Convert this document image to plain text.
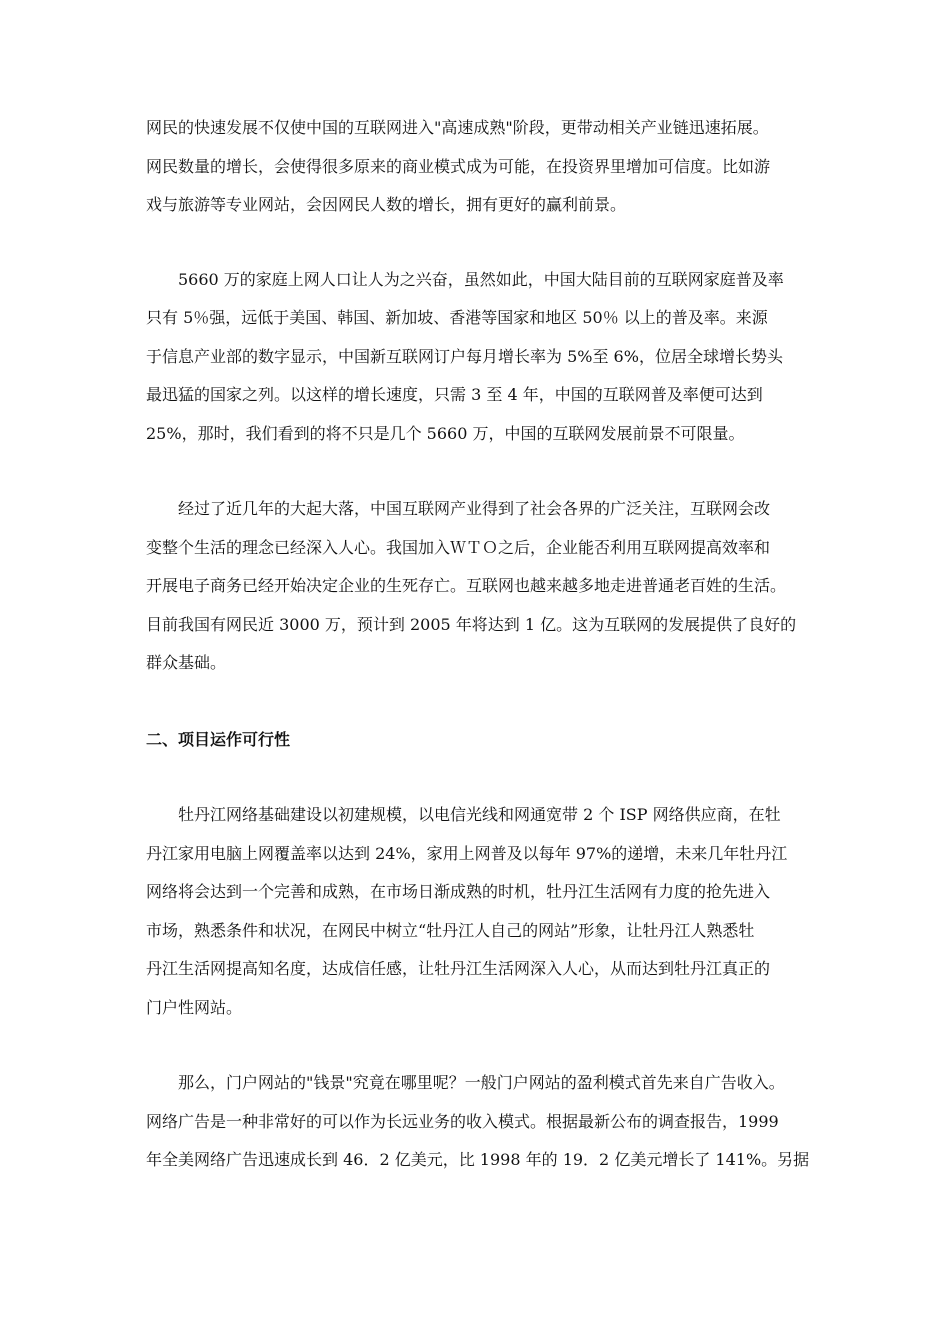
网民的快速发展不仅使中国的互联网进入"高速成熟"阶段，更带动相关产业链迅速拓展。
网民数量的增长，会使得很多原来的商业模式成为可能，在投资界里增加可信度。比如游
戏与旅游等专业网站，会因网民人数的增长，拥有更好的赢利前景。
5660 万的家庭上网人口让人为之兴奋，虽然如此，中国大陆目前的互联网家庭普及率
只有 5％强，远低于美国、韩国、新加坡、香港等国家和地区 50％ 以上的普及率。来源
于信息产业部的数字显示，中国新互联网订户每月增长率为 5%至 6%，位居全球增长势头
最迅猛的国家之列。以这样的增长速度，只需 3 至 4 年，中国的互联网普及率便可达到
25%，那时，我们看到的将不只是几个 5660 万，中国的互联网发展前景不可限量。
经过了近几年的大起大落，中国互联网产业得到了社会各界的广泛关注，互联网会改
变整个生活的理念已经深入人心。我国加入ＷＴＯ之后，企业能否利用互联网提高效率和
开展电子商务已经开始决定企业的生死存亡。互联网也越来越多地走进普通老百姓的生活。
目前我国有网民近 3000 万，预计到 2005 年将达到 1 亿。这为互联网的发展提供了良好的
群众基础。
二、项目运作可行性
牡丹江网络基础建设以初建规模，以电信光线和网通宽带 2 个 ISP 网络供应商，在牡
丹江家用电脑上网覆盖率以达到 24%，家用上网普及以每年 97%的递增，未来几年牡丹江
网络将会达到一个完善和成熟，在市场日渐成熟的时机，牡丹江生活网有力度的抢先进入
市场，熟悉条件和状况，在网民中树立“牡丹江人自己的网站”形象，让牡丹江人熟悉牡
丹江生活网提高知名度，达成信任感，让牡丹江生活网深入人心，从而达到牡丹江真正的
门户性网站。
那么，门户网站的"钱景"究竟在哪里呢？一般门户网站的盈利模式首先来自广告收入。
网络广告是一种非常好的可以作为长远业务的收入模式。根据最新公布的调查报告，1999
年全美网络广告迅速成长到 46．2 亿美元，比 1998 年的 19．2 亿美元增长了 141%。另据
